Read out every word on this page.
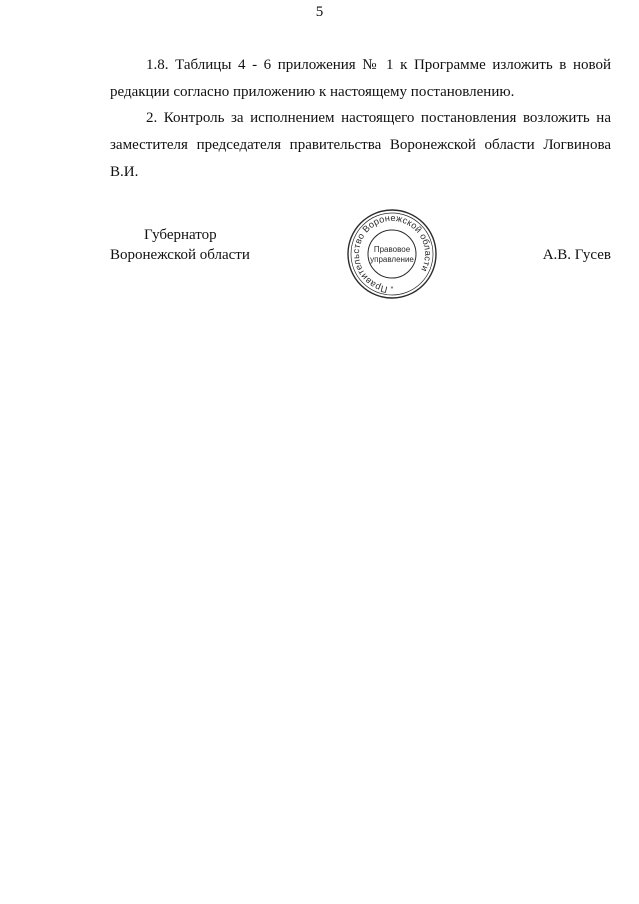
5

1.8. Таблицы 4 - 6 приложения № 1 к Программе изложить в новой редакции согласно приложению к настоящему постановлению.

2. Контроль за исполнением настоящего постановления возложить на заместителя председателя правительства Воронежской области Логвинова В.И.

Губернатор
Воронежской области
Правительство Воронежской области
Правовое
управление
*
А.В. Гусев
